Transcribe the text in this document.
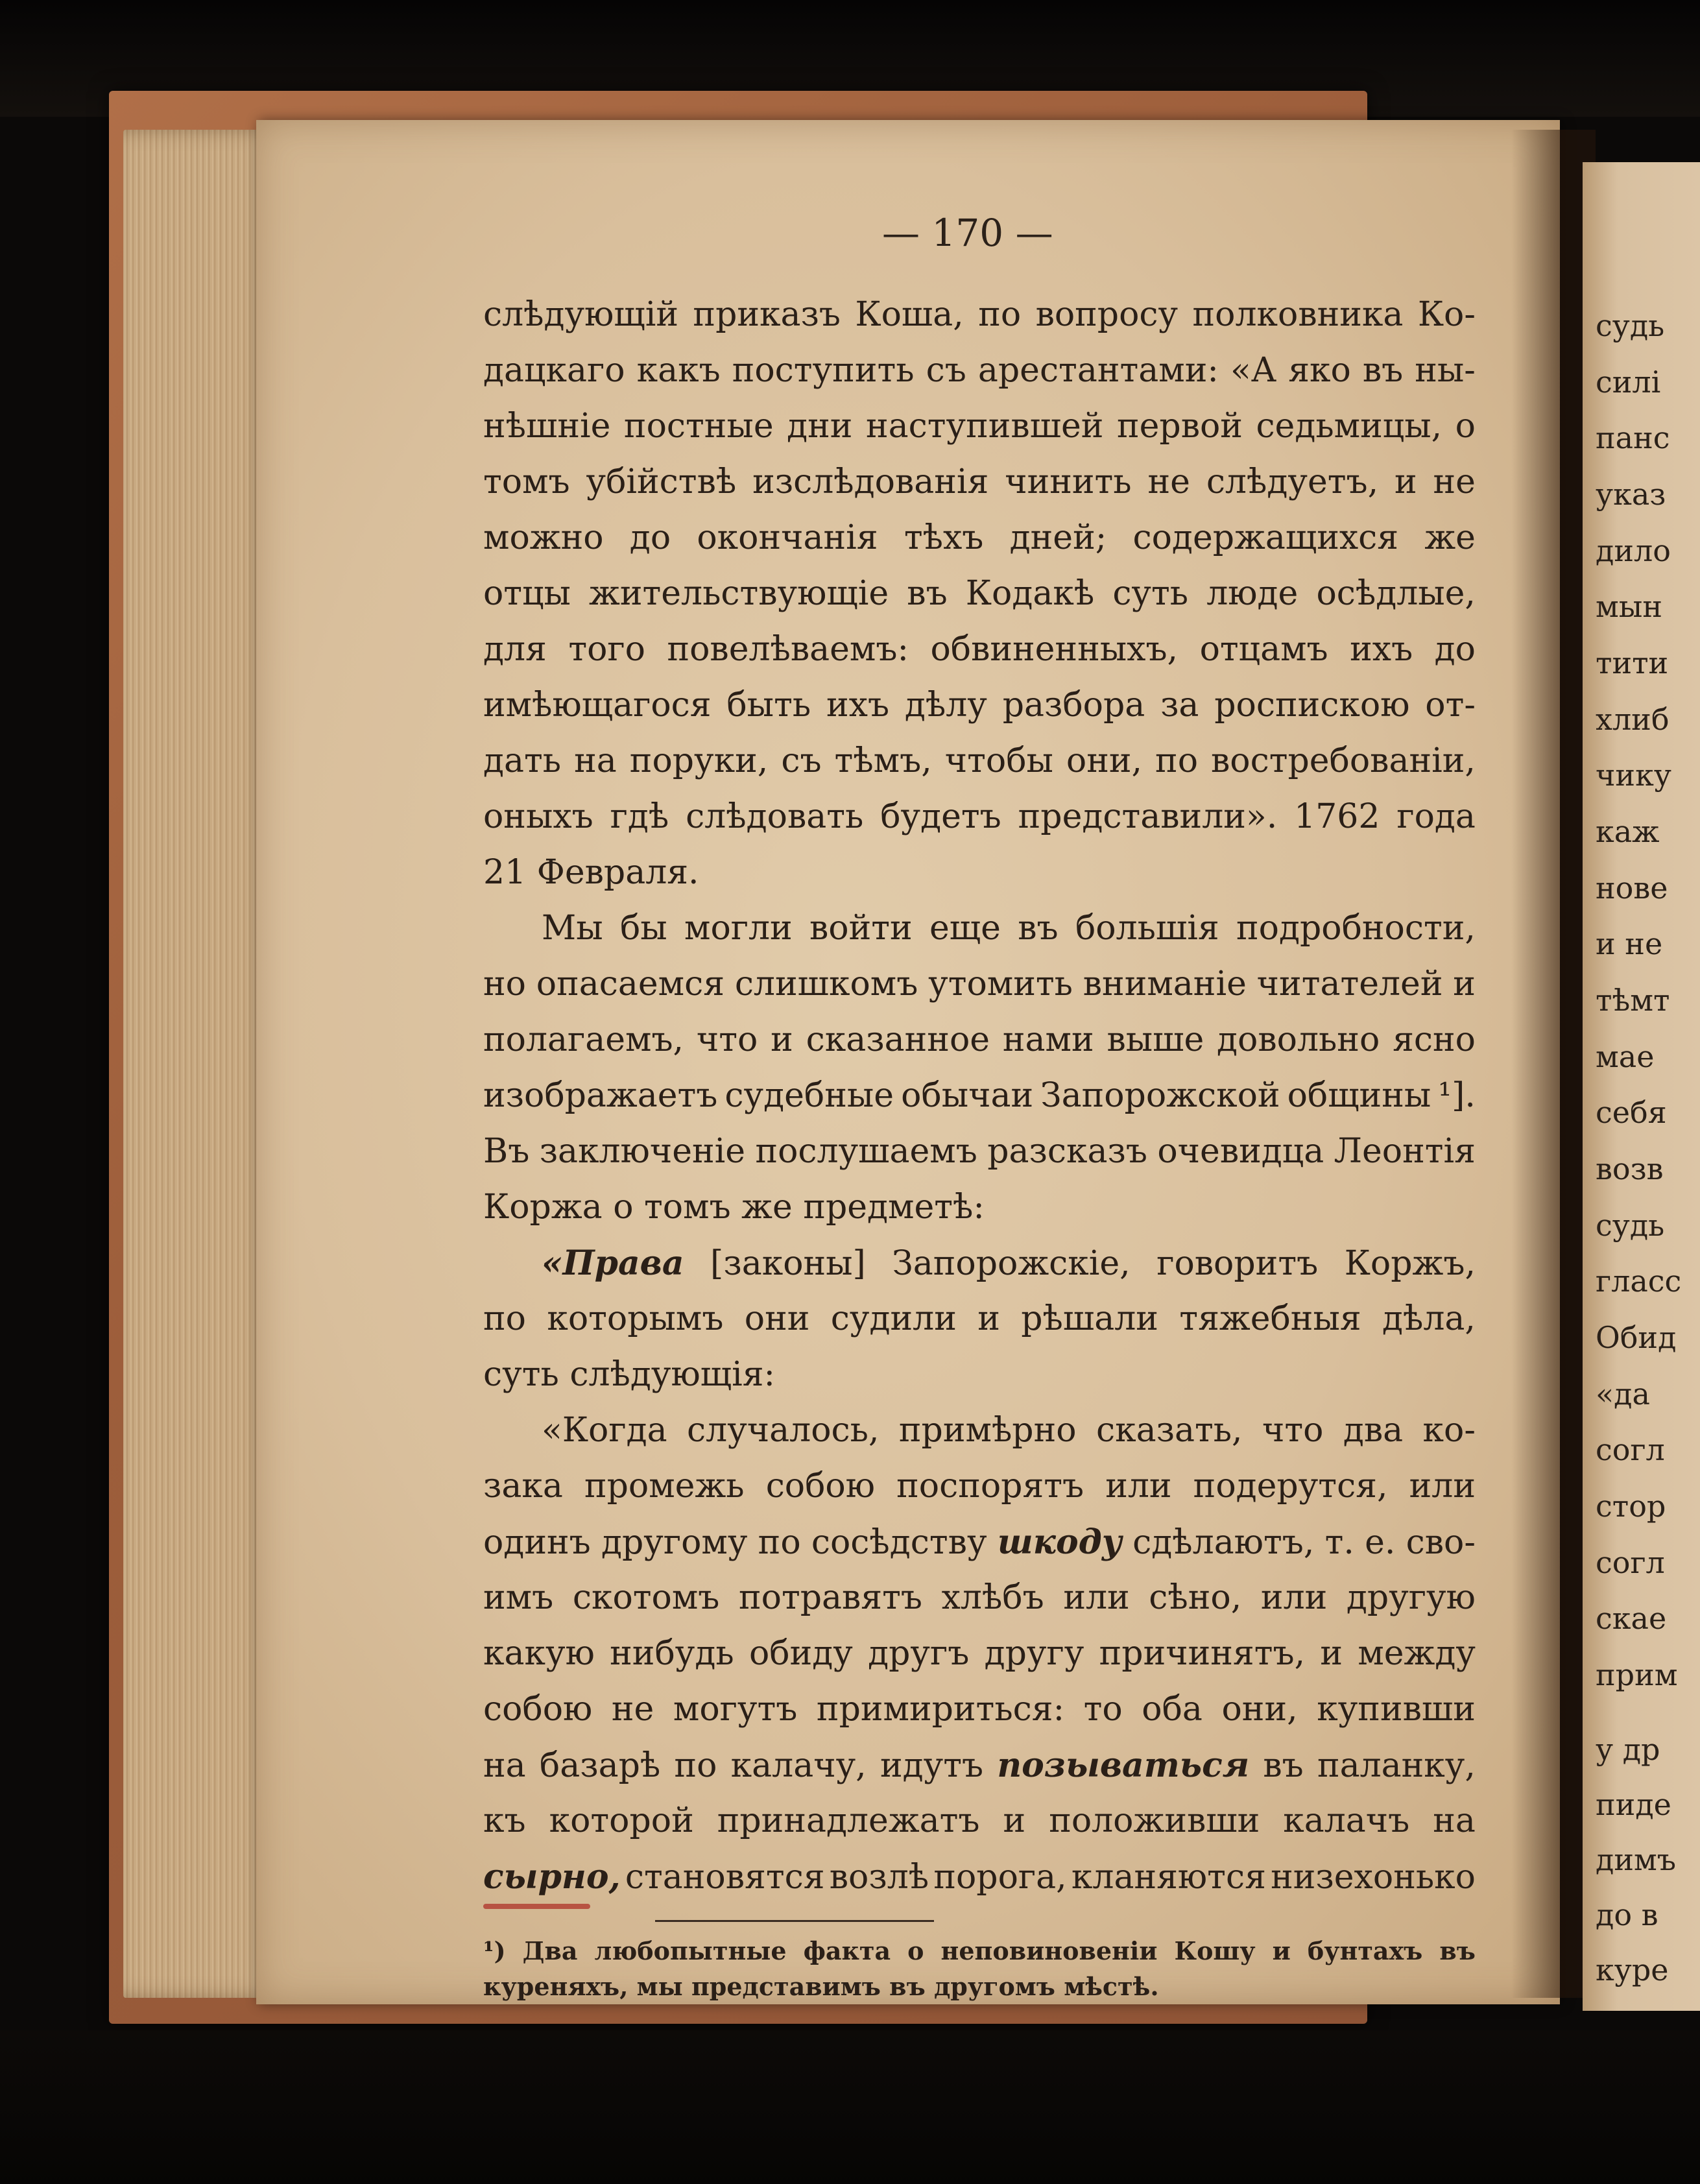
судь
силі
панс
указ
дило
мын
тити
хлиб
чику
каж
нове
и не
тѣмт
мае
себя
возв
судь
гласс
Обид
«да
согл
стор
согл
скае
прим
у др
пиде
димъ
до в
куре
— 170 —
слѣдующій приказъ Коша, по вопросу полковника Ко-
дацкаго какъ поступить съ арестантами: «А яко въ ны-
нѣшніе постные дни наступившей первой седьмицы, о
томъ убійствѣ изслѣдованія чинить не слѣдуетъ, и не
можно до окончанія тѣхъ дней; содержащихся же
отцы жительствующіе въ Кодакѣ суть люде осѣдлые,
для того повелѣваемъ: обвиненныхъ, отцамъ ихъ до
имѣющагося быть ихъ дѣлу разбора за роспискою от-
дать на поруки, съ тѣмъ, чтобы они, по востребованіи,
оныхъ гдѣ слѣдовать будетъ представили». 1762 года
21 Февраля.
Мы бы могли войти еще въ большія подробности,
но опасаемся слишкомъ утомить вниманіе читателей и
полагаемъ, что и сказанное нами выше довольно ясно
изображаетъ судебные обычаи Запорожской общины ¹].
Въ заключеніе послушаемъ разсказъ очевидца Леонтія
Коржа о томъ же предметѣ:
«Права [законы] Запорожскіе, говоритъ Коржъ,
по которымъ они судили и рѣшали тяжебныя дѣла,
суть слѣдующія:
«Когда случалось, примѣрно сказать, что два ко-
зака промежь собою поспорятъ или подерутся, или
одинъ другому по сосѣдству шкоду сдѣлаютъ, т. е. сво-
имъ скотомъ потравятъ хлѣбъ или сѣно, или другую
какую нибудь обиду другъ другу причинятъ, и между
собою не могутъ примириться: то оба они, купивши
на базарѣ по калачу, идутъ позываться въ паланку,
къ которой принадлежатъ и положивши калачъ на
сырно, становятся возлѣ порога, кланяются низехонько
¹) Два любопытные факта о неповиновеніи Кошу и бунтахъ въ
куреняхъ, мы представимъ въ другомъ мѣстѣ.
